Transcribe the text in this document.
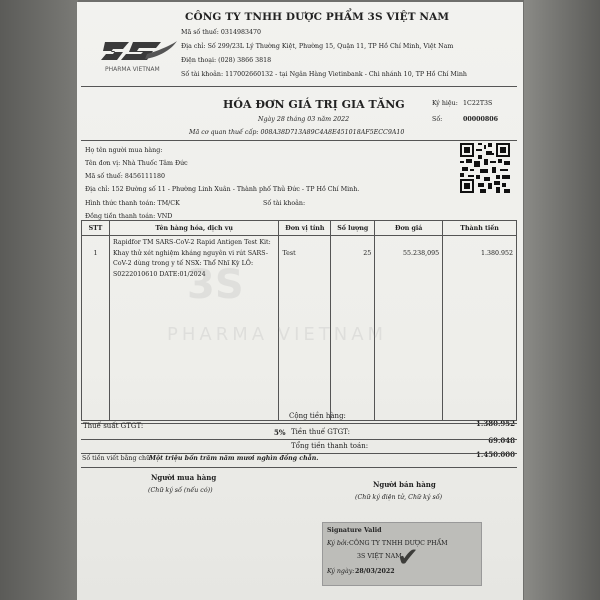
PHARMA VIETNAM
CÔNG TY TNHH DƯỢC PHẨM 3S VIỆT NAM
Mã số thuế: 0314983470
Địa chỉ: Số 299/23L Lý Thường Kiệt, Phường 15, Quận 11, TP Hồ Chí Minh, Việt Nam
Điện thoại: (028) 3866 3818
Số tài khoản: 117002660132 - tại Ngân Hàng Vietinbank - Chi nhánh 10, TP Hồ Chí Minh
HÓA ĐƠN GIÁ TRỊ GIA TĂNG
Ngày 28 tháng 03 năm 2022
Mã cơ quan thuế cấp: 008A38D713A89C4A8E451018AF5ECC9A10
Ký hiệu: 1C22T3S
Số:	00000806
Họ tên người mua hàng:
Tên đơn vị: Nhà Thuốc Tâm Đức
Mã số thuế: 8456111180
Địa chỉ: 152 Đường số 11 - Phường Linh Xuân - Thành phố Thủ Đức - TP Hồ Chí Minh.
Hình thức thanh toán: TM/CK	Số tài khoản:
Đồng tiền thanh toán: VND
STT	Tên hàng hóa, dịch vụ	Đơn vị tính	Số lượng	Đơn giá	Thành tiền
1	Rapidfor TM SARS-CoV-2 Rapid Antigen Test Kit:
Khay thử xét nghiệm kháng nguyên vi rút SARS-
CoV-2 dùng trong y tế NSX: Thổ Nhĩ Kỳ LÔ:
S0222010610 DATE:01/2024	Test	25	55.238,095	1.380.952

3S
PHARMA VIETNAM
Cộng tiền hàng:
1.380.952
Thuế suất GTGT:
5% Tiền thuế GTGT:
69.048
Tổng tiền thanh toán:
1.450.000
Số tiền viết bằng chữ:
Một triệu bốn trăm năm mươi nghìn đồng chẵn.
Người mua hàng
(Chữ ký số (nếu có))
Người bán hàng
(Chữ ký điện tử, Chữ ký số)
Signature Valid
Ký bởi: CÔNG TY TNHH DƯỢC PHẨM
3S VIỆT NAM
Ký ngày: 28/03/2022 ✔
